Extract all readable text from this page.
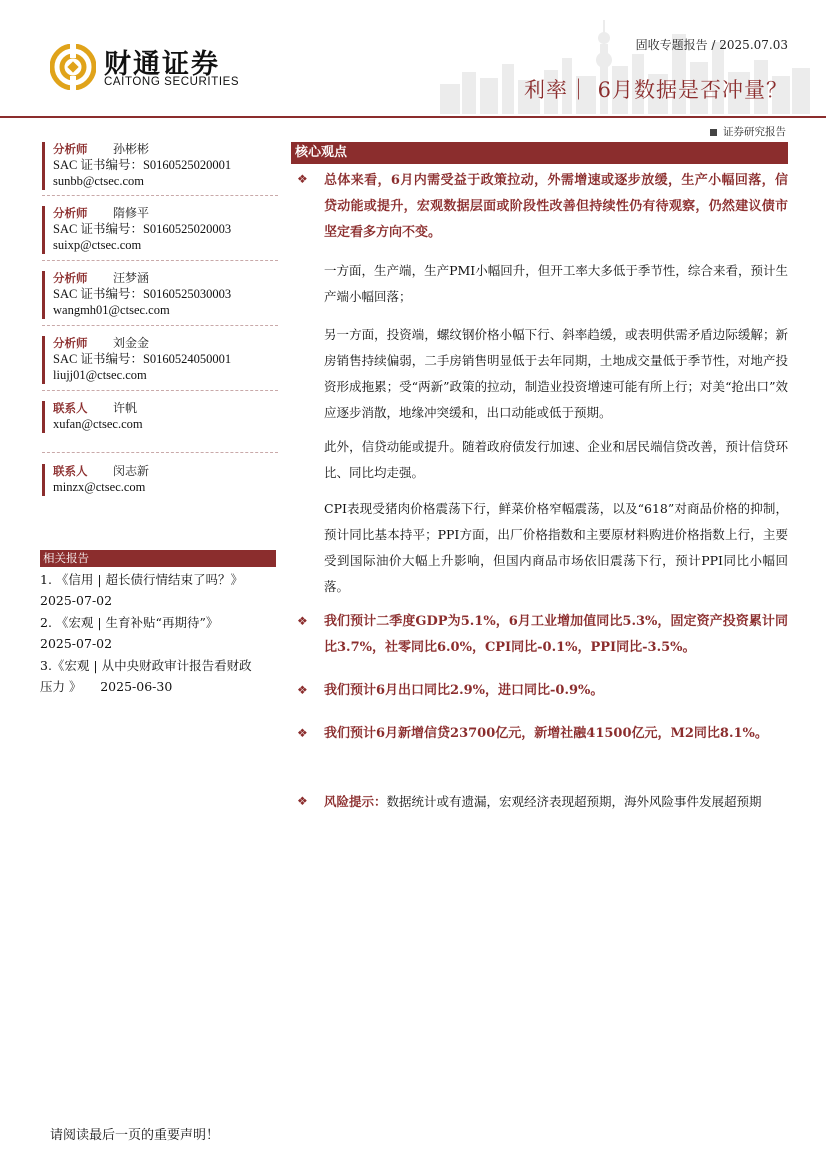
财通证券
CAITONG SECURITIES
固收专题报告 / 2025.07.03
利率｜ 6月数据是否冲量？
证券研究报告
分析师 孙彬彬
SAC 证书编号：S0160525020001
sunbb@ctsec.com
分析师 隋修平
SAC 证书编号：S0160525020003
suixp@ctsec.com
分析师 汪梦涵
SAC 证书编号：S0160525030003
wangmh01@ctsec.com
分析师 刘金金
SAC 证书编号：S0160524050001
liujj01@ctsec.com
联系人 许帆
xufan@ctsec.com
联系人 闵志新
minzx@ctsec.com
相关报告
1. 《信用 | 超长债行情结束了吗？》
2025-07-02
2. 《宏观 | 生育补贴“再期待”》
2025-07-02
3.《宏观 | 从中央财政审计报告看财政
压力 》　　2025-06-30
核心观点
❖ 总体来看，6月内需受益于政策拉动，外需增速或逐步放缓，生产小幅回落，信贷动能或提升，宏观数据层面或阶段性改善但持续性仍有待观察，仍然建议债市坚定看多方向不变。
一方面，生产端，生产PMI小幅回升，但开工率大多低于季节性，综合来看，预计生产端小幅回落；
另一方面，投资端，螺纹钢价格小幅下行、斜率趋缓，或表明供需矛盾边际缓解；新房销售持续偏弱，二手房销售明显低于去年同期，土地成交量低于季节性，对地产投资形成拖累；受“两新”政策的拉动，制造业投资增速可能有所上行；对美“抢出口”效应逐步消散，地缘冲突缓和，出口动能或低于预期。
此外，信贷动能或提升。随着政府债发行加速、企业和居民端信贷改善，预计信贷环比、同比均走强。
CPI表现受猪肉价格震荡下行，鲜菜价格窄幅震荡，以及“618”对商品价格的抑制，预计同比基本持平；PPI方面，出厂价格指数和主要原材料购进价格指数上行，主要受到国际油价大幅上升影响，但国内商品市场依旧震荡下行，预计PPI同比小幅回落。
❖ 我们预计二季度GDP为5.1%，6月工业增加值同比5.3%，固定资产投资累计同比3.7%，社零同比6.0%，CPI同比-0.1%，PPI同比-3.5%。
❖ 我们预计6月出口同比2.9%，进口同比-0.9%。
❖ 我们预计6月新增信贷23700亿元，新增社融41500亿元，M2同比8.1%。
❖ 风险提示：数据统计或有遗漏，宏观经济表现超预期，海外风险事件发展超预期
请阅读最后一页的重要声明！
